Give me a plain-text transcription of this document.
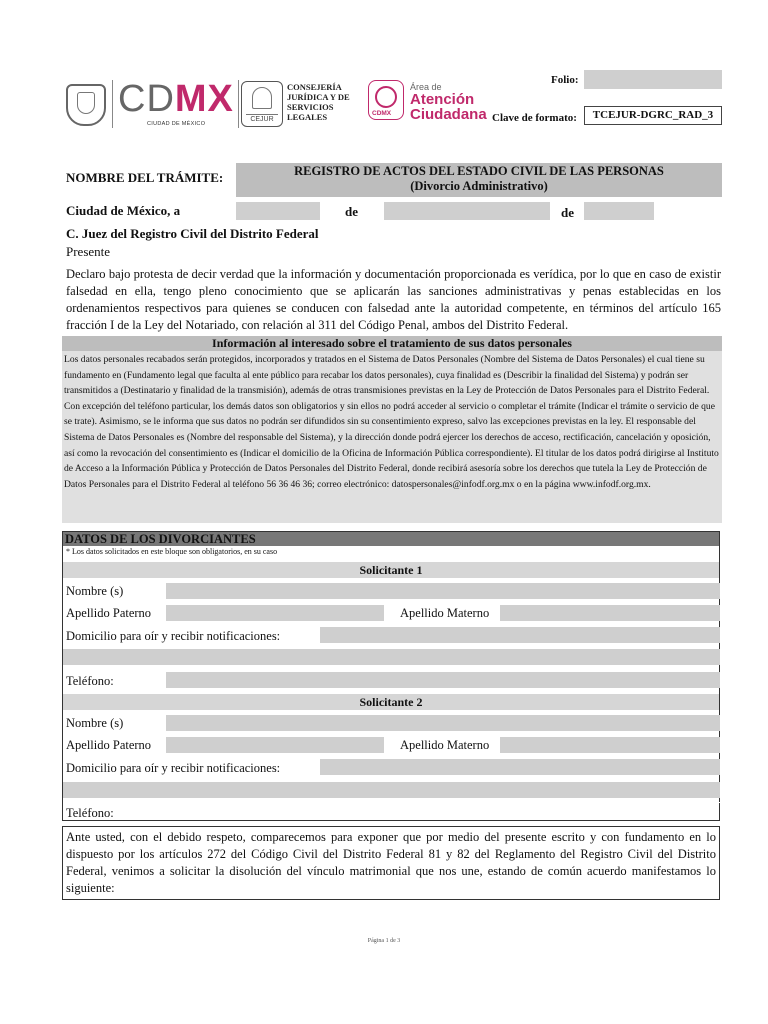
CDMX
CIUDAD DE MÉXICO
CEJUR
CONSEJERÍA
JURÍDICA Y DE
SERVICIOS
LEGALES	CDMX
Área de
Atención
Ciudadana
Folio:
Clave de formato:	TCEJUR-DGRC_RAD_3
NOMBRE DEL TRÁMITE:	REGISTRO DE ACTOS DEL ESTADO CIVIL DE LAS PERSONAS
(Divorcio Administrativo)
Ciudad de México, a	de	de
C. Juez del Registro Civil del Distrito Federal
Presente
Declaro bajo protesta de decir verdad que la información y documentación proporcionada es verídica, por lo que en caso de existir falsedad en ella, tengo pleno conocimiento que se aplicarán las sanciones administrativas y penas establecidas en los ordenamientos respectivos para quienes se conducen con falsedad ante la autoridad competente, en términos del artículo 165 fracción I de la Ley del Notariado, con relación al 311 del Código Penal, ambos del Distrito Federal.
Información al interesado sobre el tratamiento de sus datos personales
Los datos personales recabados serán protegidos, incorporados y tratados en el Sistema de Datos Personales (Nombre del Sistema de Datos Personales) el cual tiene su fundamento en (Fundamento legal que faculta al ente público para recabar los datos personales), cuya finalidad es (Describir la finalidad del Sistema) y podrán ser transmitidos a (Destinatario y finalidad de la transmisión), además de otras transmisiones previstas en la Ley de Protección de Datos Personales para el Distrito Federal. Con excepción del teléfono particular, los demás datos son obligatorios y sin ellos no podrá acceder al servicio o completar el trámite (Indicar el trámite o servicio de que se trate). Asimismo, se le informa que sus datos no podrán ser difundidos sin su consentimiento expreso, salvo las excepciones previstas en la ley. El responsable del Sistema de Datos Personales es (Nombre del responsable del Sistema), y la dirección donde podrá ejercer los derechos de acceso, rectificación, cancelación y oposición, así como la revocación del consentimiento es (Indicar el domicilio de la Oficina de Información Pública correspondiente). El titular de los datos podrá dirigirse al Instituto de Acceso a la Información Pública y Protección de Datos Personales del Distrito Federal, donde recibirá asesoría sobre los derechos que tutela la Ley de Protección de Datos Personales para el Distrito Federal al teléfono 56 36 46 36; correo electrónico: datospersonales@infodf.org.mx o en la página www.infodf.org.mx.
DATOS DE LOS DIVORCIANTES
* Los datos solicitados en este bloque son obligatorios, en su caso
Solicitante 1
Nombre (s)
Apellido Paterno	Apellido Materno
Domicilio para oír y recibir notificaciones:
Teléfono:
Solicitante 2
Nombre (s)
Apellido Paterno	Apellido Materno
Domicilio para oír y recibir notificaciones:
Teléfono:
Ante usted, con el debido respeto, comparecemos para exponer que por medio del presente escrito y con fundamento en lo dispuesto por los artículos 272 del Código Civil del Distrito Federal 81 y 82 del Reglamento del Registro Civil del Distrito Federal, venimos a solicitar la disolución del vínculo matrimonial que nos une, estando de común acuerdo manifestamos lo siguiente:
Página 1 de 3
